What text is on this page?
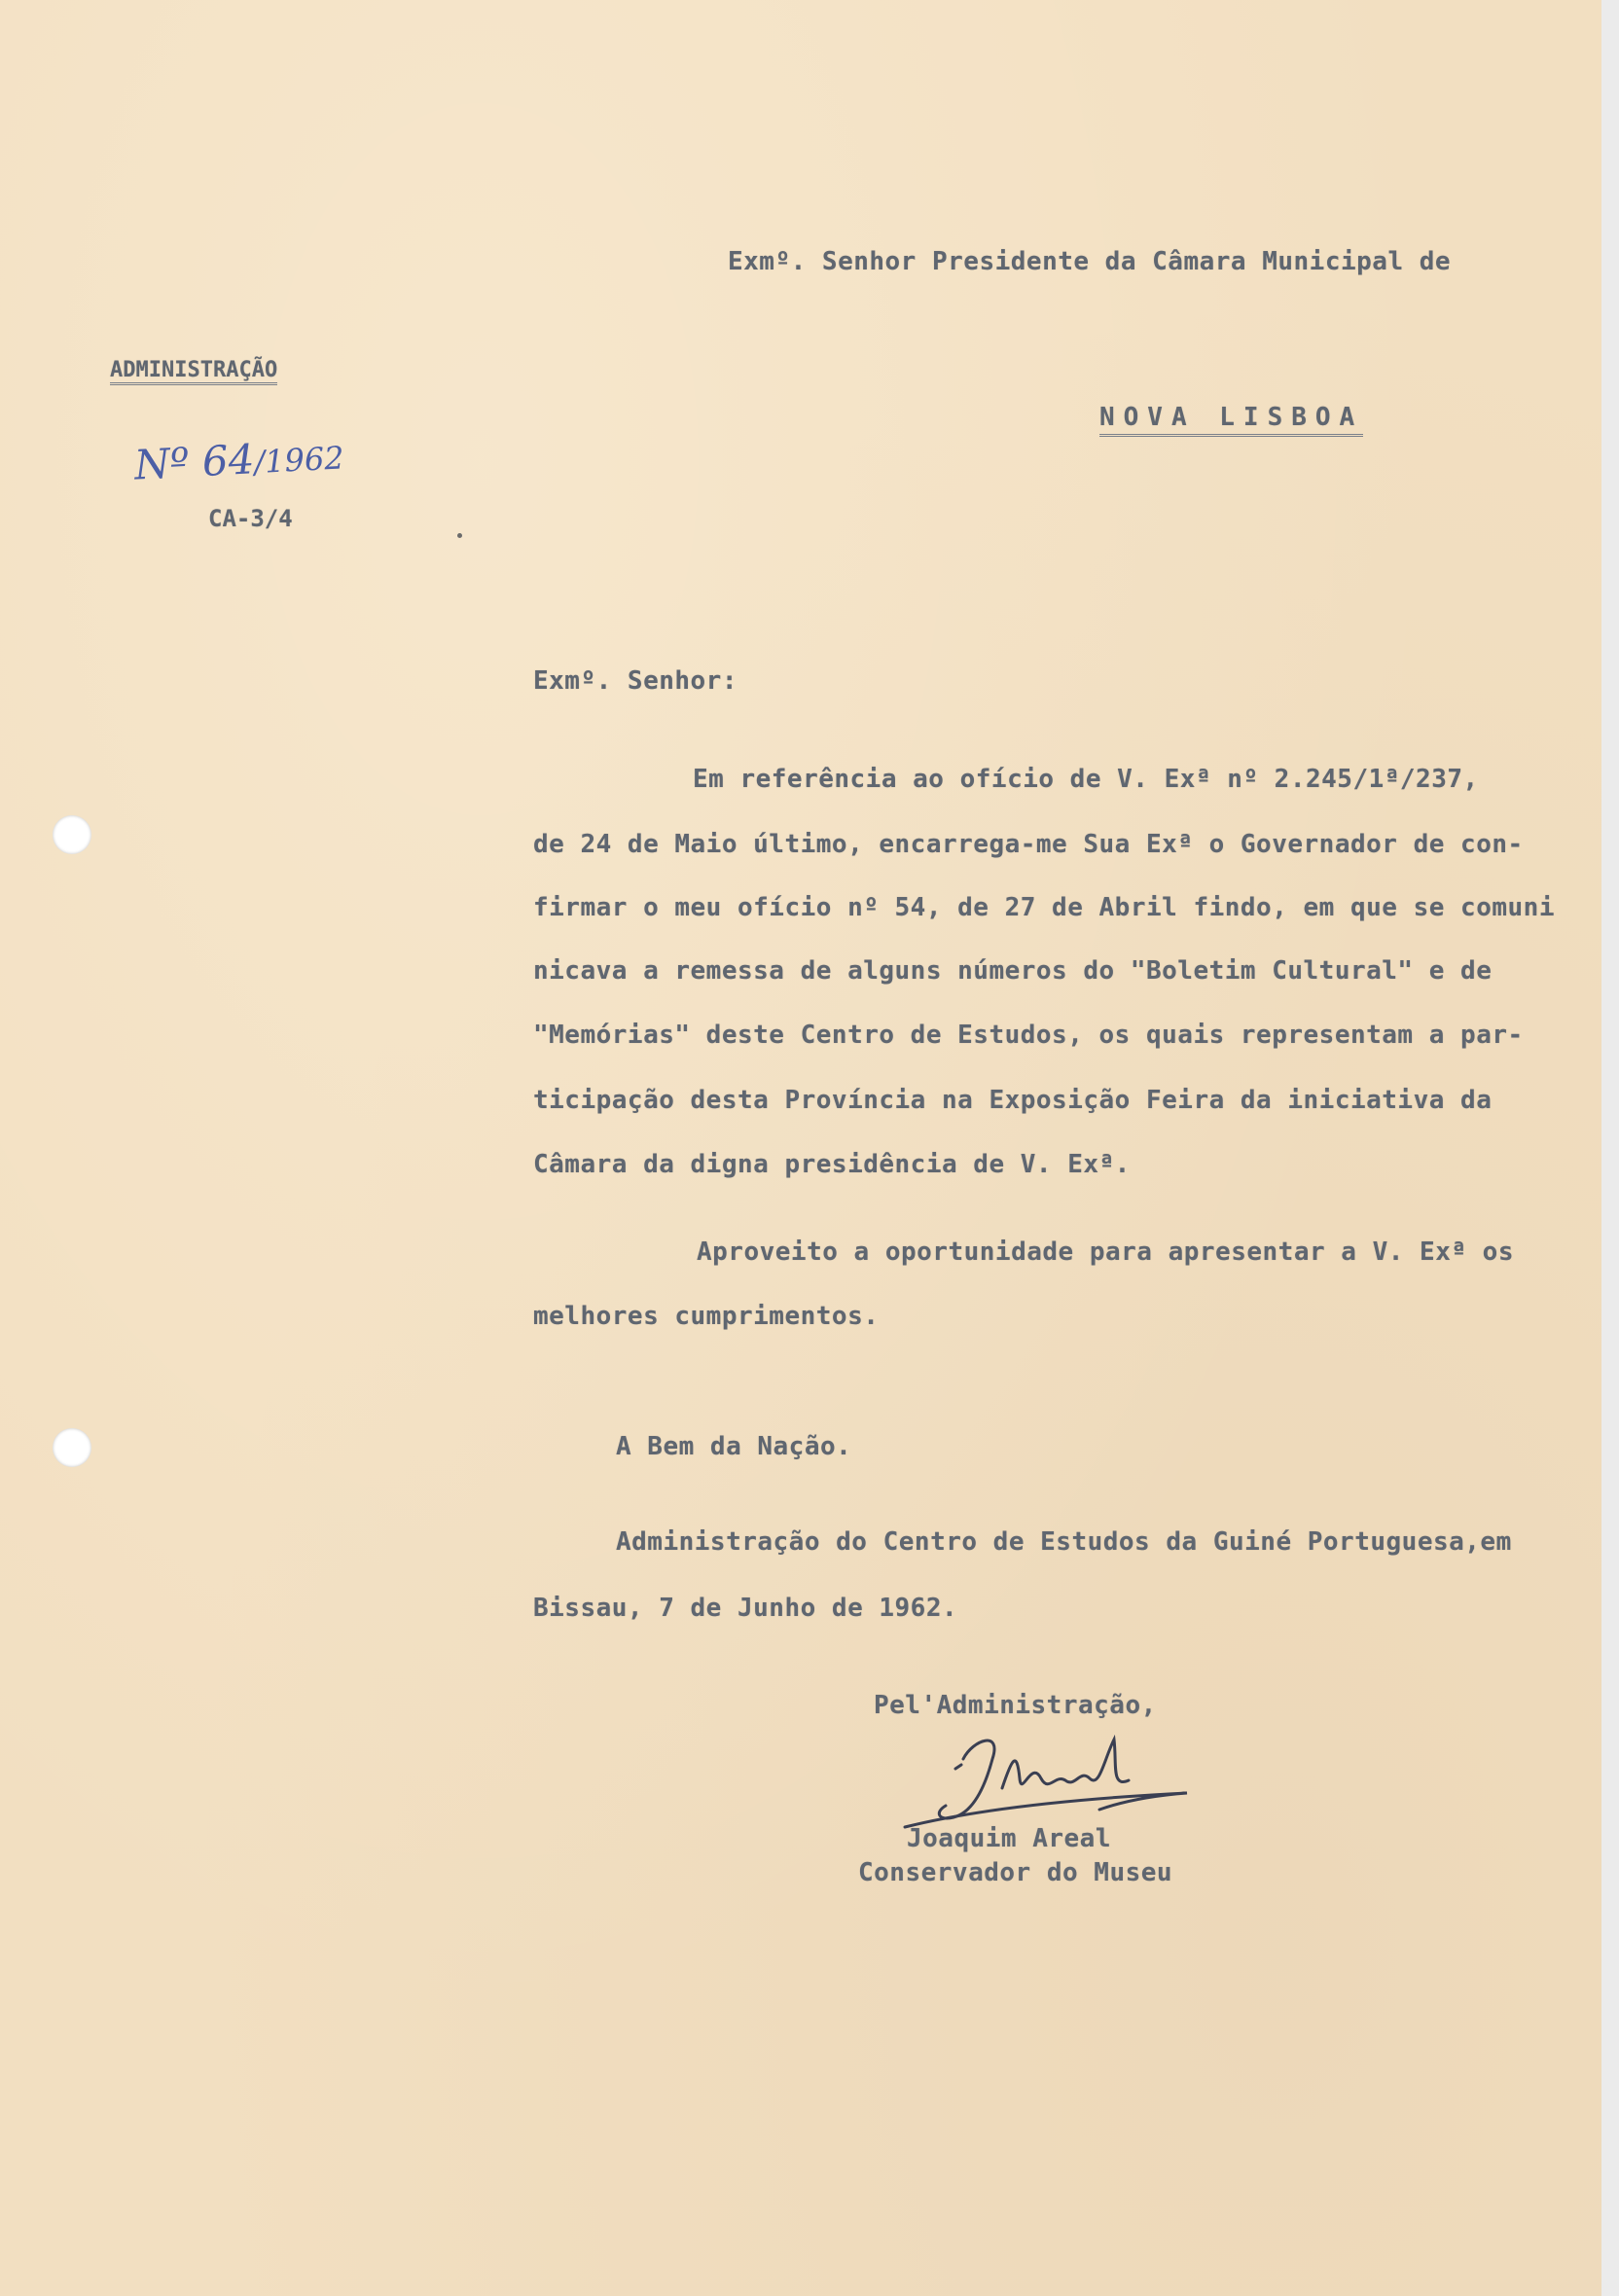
Exmº. Senhor Presidente da Câmara Municipal de
NOVA LISBOA
ADMINISTRAÇÃO
Nº 64/1962
CA-3/4
Exmº. Senhor:
Em referência ao ofício de V. Exª nº 2.245/1ª/237,
de 24 de Maio último, encarrega-me Sua Exª o Governador de con-
firmar o meu ofício nº 54, de 27 de Abril findo, em que se comuni
nicava a remessa de alguns números do "Boletim Cultural" e de
"Memórias" deste Centro de Estudos, os quais representam a par-
ticipação desta Província na Exposição Feira da iniciativa da
Câmara da digna presidência de V. Exª.
Aproveito a oportunidade para apresentar a V. Exª os
melhores cumprimentos.
A Bem da Nação.
Administração do Centro de Estudos da Guiné Portuguesa,em
Bissau, 7 de Junho de 1962.
Pel'Administração,
Joaquim Areal
Conservador do Museu
